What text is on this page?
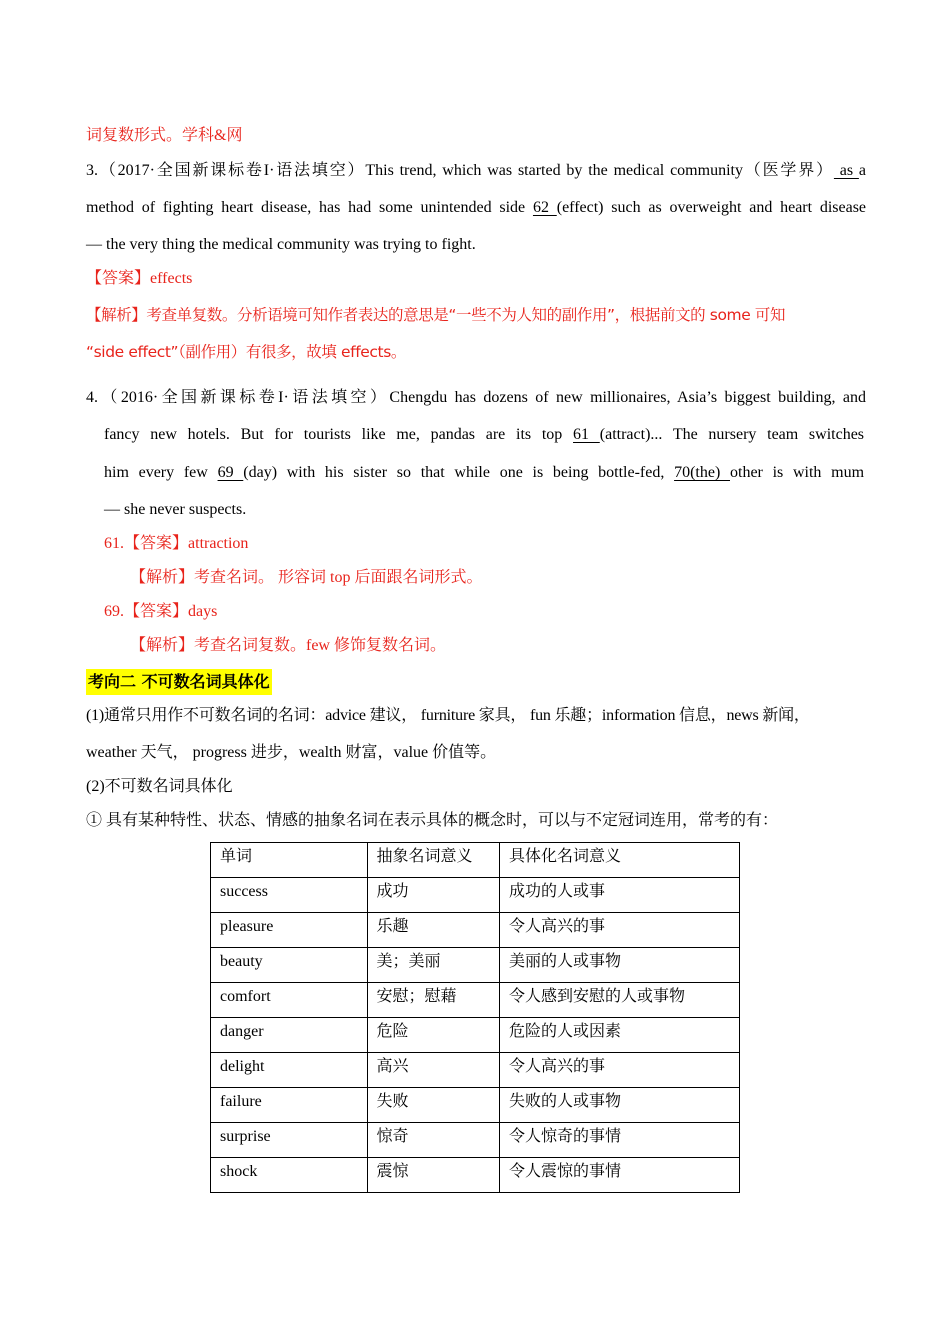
词复数形式。学科&网
3.（2017·全国新课标卷I·语法填空）This trend, which was started by the medical community（医学界） as a
method of fighting heart disease, has had some unintended side 62 (effect) such as overweight and heart disease
— the very thing the medical community was trying to fight.
【答案】effects
【解析】考查单复数。分析语境可知作者表达的意思是“一些不为人知的副作用”，根据前文的 some 可知
“side effect”（副作用）有很多，故填 effects。
4.（2016·全国新课标卷I·语法填空）Chengdu has dozens of new millionaires, Asia’s biggest building, and
fancy new hotels. But for tourists like me, pandas are its top 61 (attract)... The nursery team switches
him every few 69 (day) with his sister so that while one is being bottle-fed, 70(the) other is with mum
— she never suspects.
61.【答案】attraction
【解析】考查名词。 形容词 top 后面跟名词形式。
69.【答案】days
【解析】考查名词复数。few 修饰复数名词。
考向二 不可数名词具体化
(1)通常只用作不可数名词的名词：advice 建议， furniture 家具， fun 乐趣；information 信息，news 新闻，
weather 天气， progress 进步，wealth 财富，value 价值等。
(2)不可数名词具体化
① 具有某种特性、状态、情感的抽象名词在表示具体的概念时，可以与不定冠词连用，常考的有：
单词	抽象名词意义	具体化名词意义
success	成功	成功的人或事
pleasure	乐趣	令人高兴的事
beauty	美；美丽	美丽的人或事物
comfort	安慰；慰藉	令人感到安慰的人或事物
danger	危险	危险的人或因素
delight	高兴	令人高兴的事
failure	失败	失败的人或事物
surprise	惊奇	令人惊奇的事情
shock	震惊	令人震惊的事情
